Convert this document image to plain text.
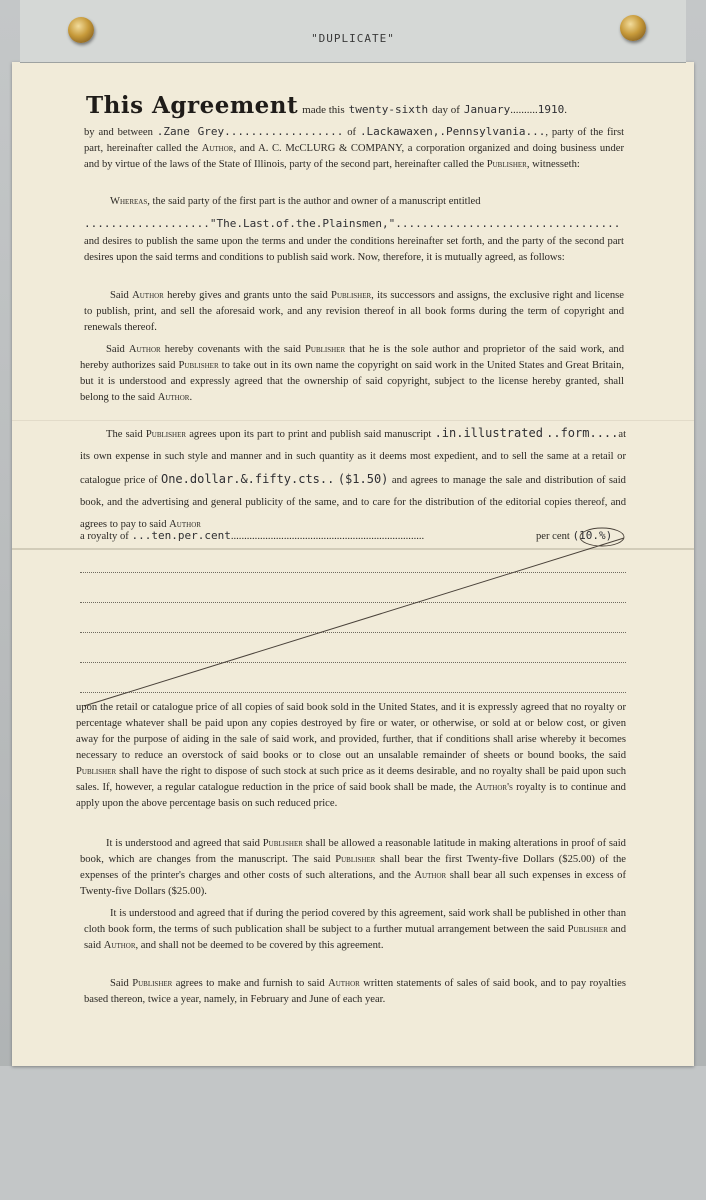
"DUPLICATE"
This Agreement made this twenty-sixth day of January..........1910.
by and between .Zane Grey.................. of .Lackawaxen,.Pennsylvania..., party of the first part, hereinafter called the Author, and A. C. McCLURG & COMPANY, a corporation organized and doing business under and by virtue of the laws of the State of Illinois, party of the second part, hereinafter called the Publisher, witnesseth:
Whereas, the said party of the first part is the author and owner of a manuscript entitled
..................."The.Last.of.the.Plainsmen,"..................................
and desires to publish the same upon the terms and under the conditions hereinafter set forth, and the party of the second part desires upon the said terms and conditions to publish said work. Now, therefore, it is mutually agreed, as follows:
Said Author hereby gives and grants unto the said Publisher, its successors and assigns, the exclusive right and license to publish, print, and sell the aforesaid work, and any revision thereof in all book forms during the term of copyright and renewals thereof.
Said Author hereby covenants with the said Publisher that he is the sole author and proprietor of the said work, and hereby authorizes said Publisher to take out in its own name the copyright on said work in the United States and Great Britain, but it is understood and expressly agreed that the ownership of said copyright, subject to the license hereby granted, shall belong to the said Author.
The said Publisher agrees upon its part to print and publish said manuscript .in.illustrated ..form....at its own expense in such style and manner and in such quantity as it deems most expedient, and to sell the same at a retail or catalogue price of One.dollar.&.fifty.cts.. ($1.50) and agrees to manage the sale and distribution of said book, and the advertising and general publicity of the same, and to care for the distribution of the editorial copies thereof, and agrees to pay to said Author
a royalty of ...ten.per.cent.........................................................................	per cent (10.%)
upon the retail or catalogue price of all copies of said book sold in the United States, and it is expressly agreed that no royalty or percentage whatever shall be paid upon any copies destroyed by fire or water, or otherwise, or sold at or below cost, or given away for the purpose of aiding in the sale of said work, and provided, further, that if conditions shall arise whereby it becomes necessary to reduce an overstock of said books or to close out an unsalable remainder of sheets or bound books, the said Publisher shall have the right to dispose of such stock at such price as it deems desirable, and no royalty shall be paid upon such sales. If, however, a regular catalogue reduction in the price of said book shall be made, the Author's royalty is to continue and apply upon the above percentage basis on such reduced price.
It is understood and agreed that said Publisher shall be allowed a reasonable latitude in making alterations in proof of said book, which are changes from the manuscript. The said Publisher shall bear the first Twenty-five Dollars ($25.00) of the expenses of the printer's charges and other costs of such alterations, and the Author shall bear all such expenses in excess of Twenty-five Dollars ($25.00).
It is understood and agreed that if during the period covered by this agreement, said work shall be published in other than cloth book form, the terms of such publication shall be subject to a further mutual arrangement between the said Publisher and said Author, and shall not be deemed to be covered by this agreement.
Said Publisher agrees to make and furnish to said Author written statements of sales of said book, and to pay royalties based thereon, twice a year, namely, in February and June of each year.
